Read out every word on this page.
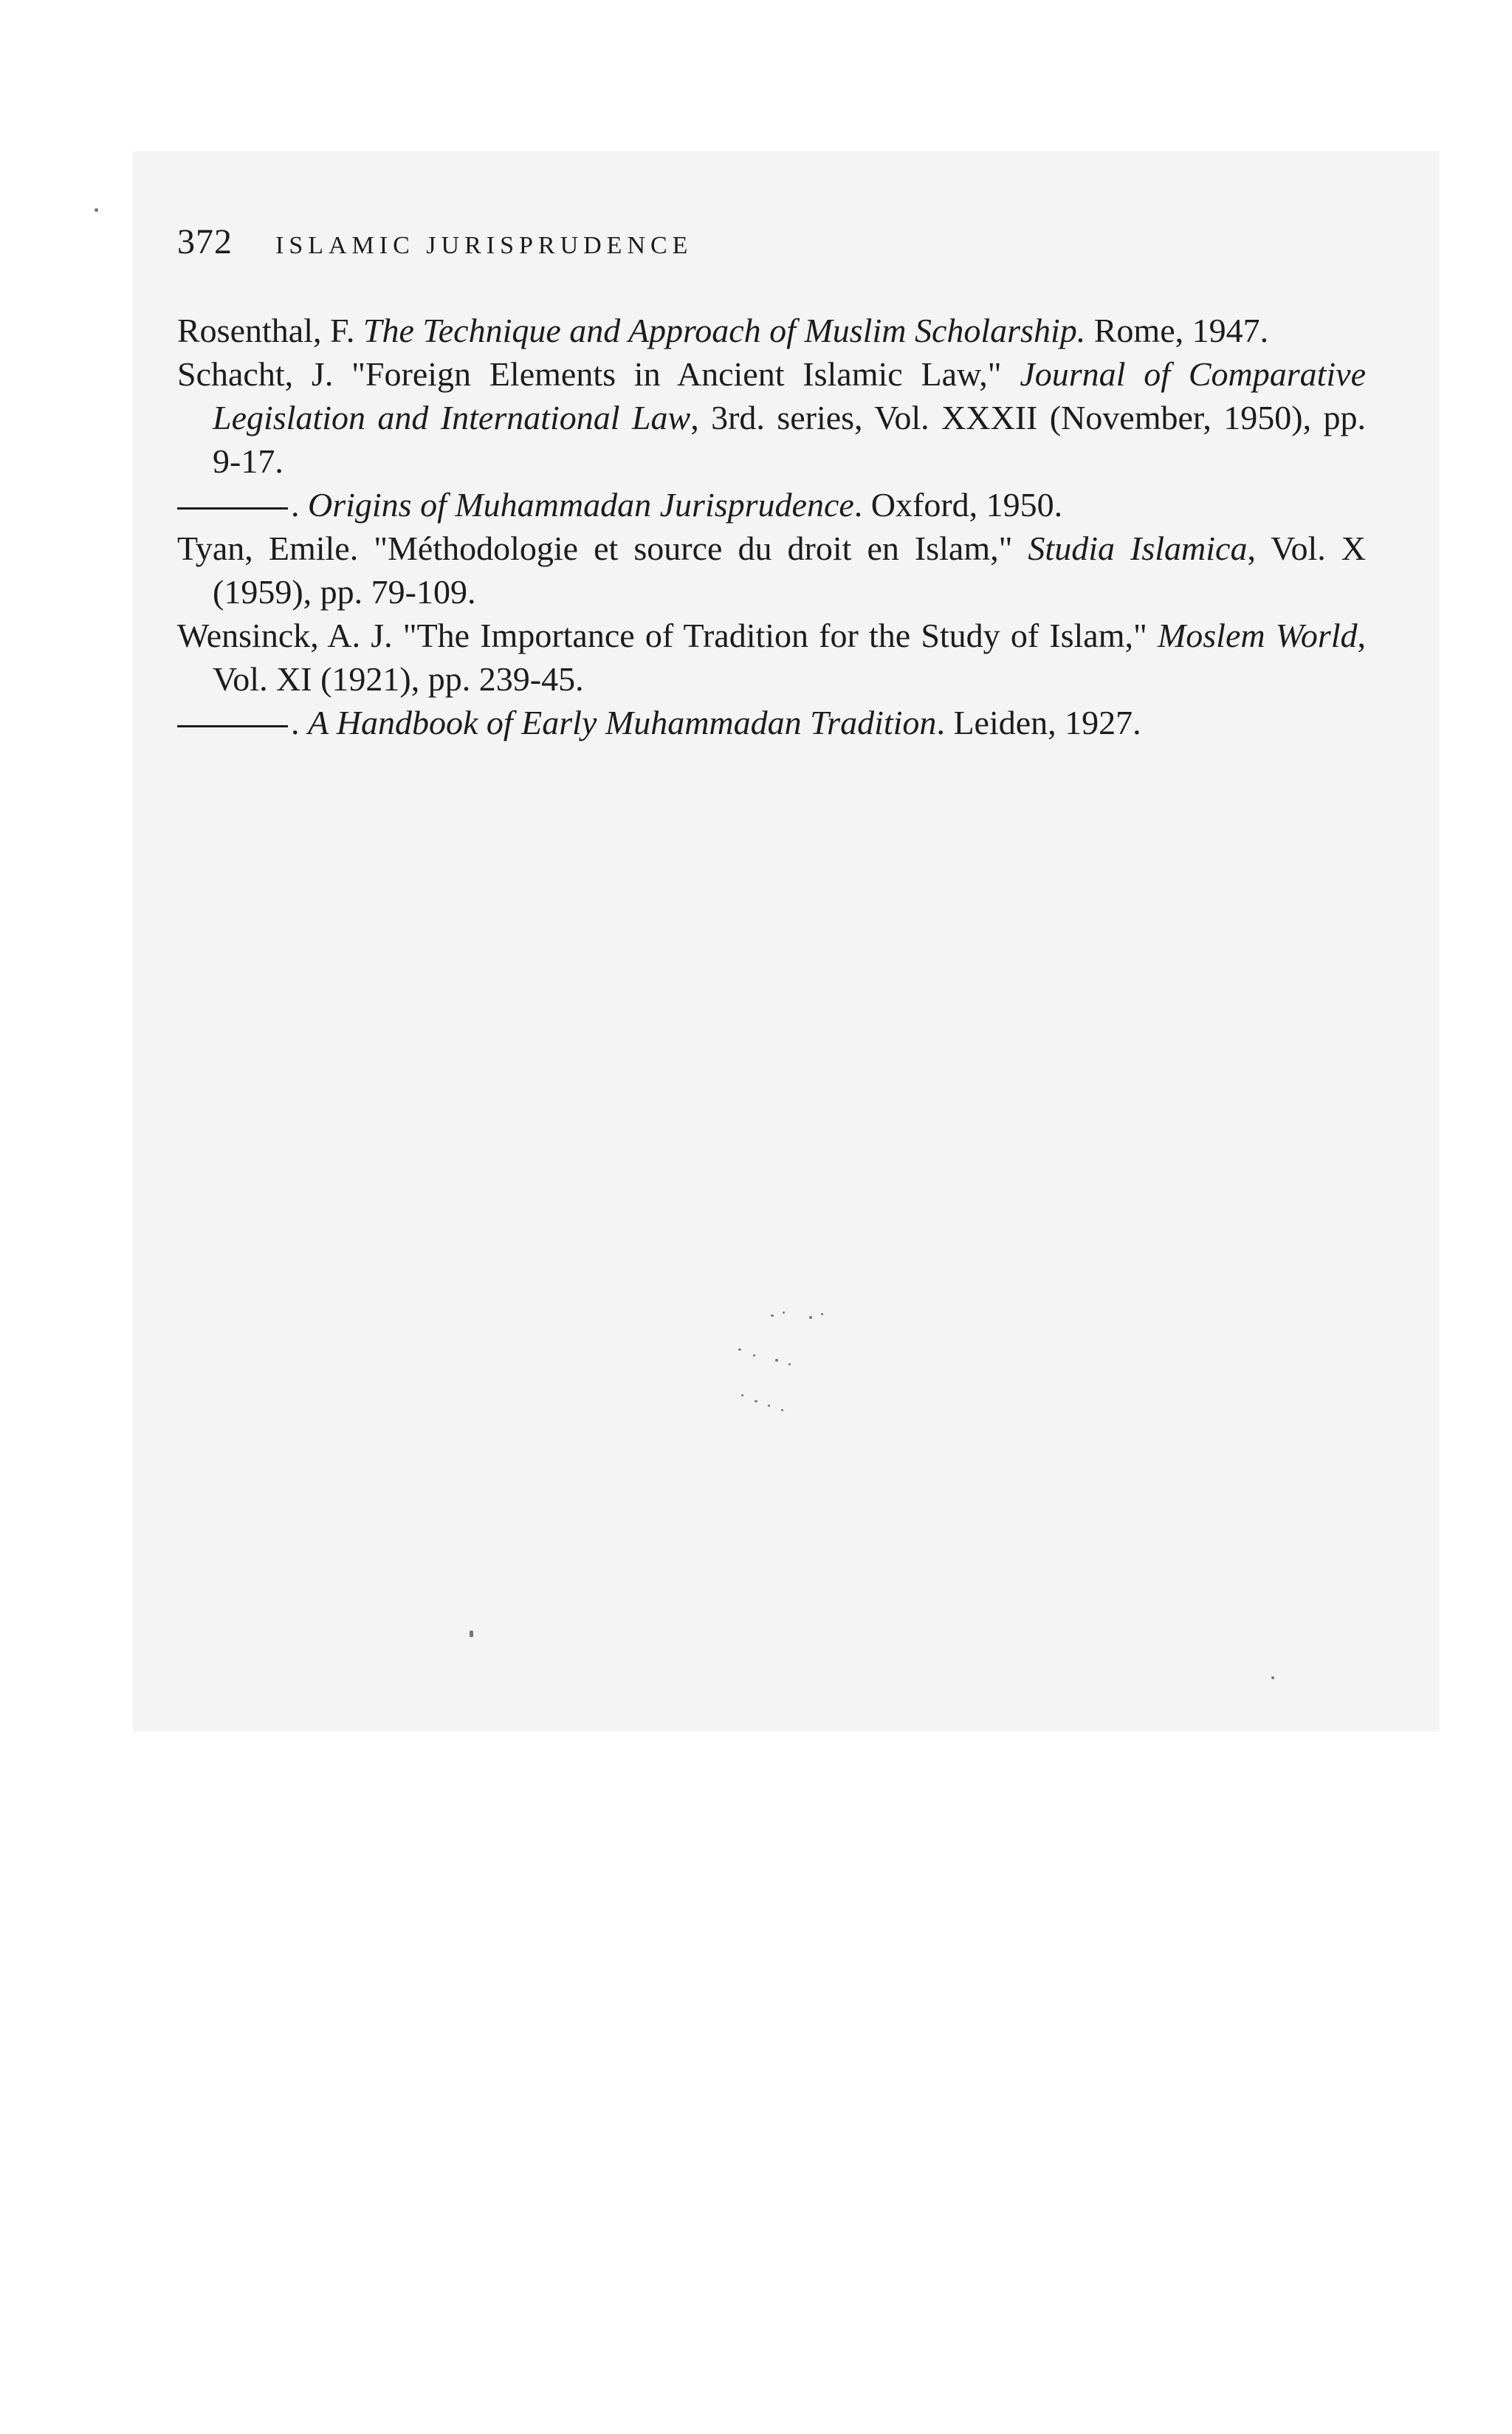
372 ISLAMIC JURISPRUDENCE

Rosenthal, F. The Technique and Approach of Muslim Scholarship. Rome, 1947.

Schacht, J. "Foreign Elements in Ancient Islamic Law," Journal of Comparative Legislation and International Law, 3rd. series, Vol. XXXII (November, 1950), pp. 9-17.

. Origins of Muhammadan Jurisprudence. Oxford, 1950.

Tyan, Emile. "Méthodologie et source du droit en Islam," Studia Islamica, Vol. X (1959), pp. 79-109.

Wensinck, A. J. "The Importance of Tradition for the Study of Islam," Moslem World, Vol. XI (1921), pp. 239-45.

. A Handbook of Early Muhammadan Tradition. Leiden, 1927.
